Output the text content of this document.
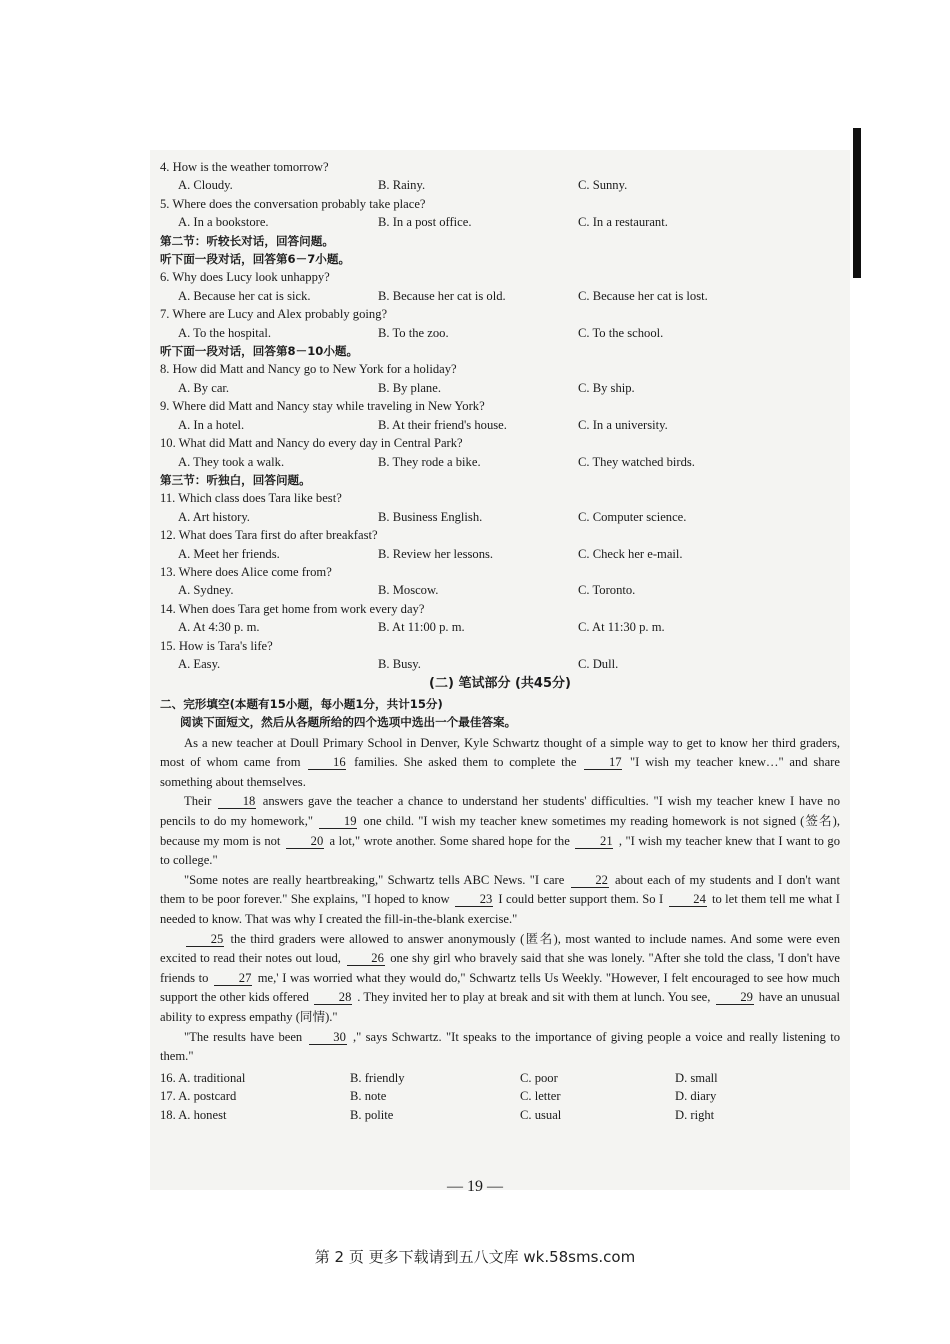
4. How is the weather tomorrow?
A. Cloudy.	B. Rainy.	C. Sunny.
5. Where does the conversation probably take place?
A. In a bookstore.	B. In a post office.	C. In a restaurant.
第二节：听较长对话，回答问题。
听下面一段对话，回答第6－7小题。
6. Why does Lucy look unhappy?
A. Because her cat is sick.	B. Because her cat is old.	C. Because her cat is lost.
7. Where are Lucy and Alex probably going?
A. To the hospital.	B. To the zoo.	C. To the school.
听下面一段对话，回答第8－10小题。
8. How did Matt and Nancy go to New York for a holiday?
A. By car.	B. By plane.	C. By ship.
9. Where did Matt and Nancy stay while traveling in New York?
A. In a hotel.	B. At their friend's house.	C. In a university.
10. What did Matt and Nancy do every day in Central Park?
A. They took a walk.	B. They rode a bike.	C. They watched birds.
第三节：听独白，回答问题。
11. Which class does Tara like best?
A. Art history.	B. Business English.	C. Computer science.
12. What does Tara first do after breakfast?
A. Meet her friends.	B. Review her lessons.	C. Check her e-mail.
13. Where does Alice come from?
A. Sydney.	B. Moscow.	C. Toronto.
14. When does Tara get home from work every day?
A. At 4:30 p. m.	B. At 11:00 p. m.	C. At 11:30 p. m.
15. How is Tara's life?
A. Easy.	B. Busy.	C. Dull.
(二) 笔试部分 (共45分)
二、完形填空(本题有15小题，每小题1分，共计15分)
阅读下面短文，然后从各题所给的四个选项中选出一个最佳答案。

As a new teacher at Doull Primary School in Denver, Kyle Schwartz thought of a simple way to get to know her third graders, most of whom came from	16 families. She asked them to complete the	17 "I wish my teacher knew…" and share something about themselves.

Their 18 answers gave the teacher a chance to understand her students' difficulties. "I wish my teacher knew I have no pencils to do my homework," 19 one child. "I wish my teacher knew sometimes my reading homework is not signed (签名), because my mom is not 20 a lot," wrote another. Some shared hope for the 21 , "I wish my teacher knew that I want to go to college."

"Some notes are really heartbreaking," Schwartz tells ABC News. "I care 22 about each of my students and I don't want them to be poor forever." She explains, "I hoped to know 23 I could better support them. So I 24 to let them tell me what I needed to know. That was why I created the fill-in-the-blank exercise."

25 the third graders were allowed to answer anonymously (匿名), most wanted to include names. And some were even excited to read their notes out loud, 26 one shy girl who bravely said that she was lonely. "After she told the class, 'I don't have friends to 27 me,' I was worried what they would do," Schwartz tells Us Weekly. "However, I felt encouraged to see how much support the other kids offered 28 . They invited her to play at break and sit with them at lunch. You see, 29 have an unusual ability to express empathy (同情)."

"The results have been 30 ," says Schwartz. "It speaks to the importance of giving people a voice and really listening to them."

16. A. traditional	B. friendly	C. poor	D. small
17. A. postcard	B. note	C. letter	D. diary
18. A. honest	B. polite	C. usual	D. right
— 19 —
第 2 页 更多下载请到五八文库 wk.58sms.com
